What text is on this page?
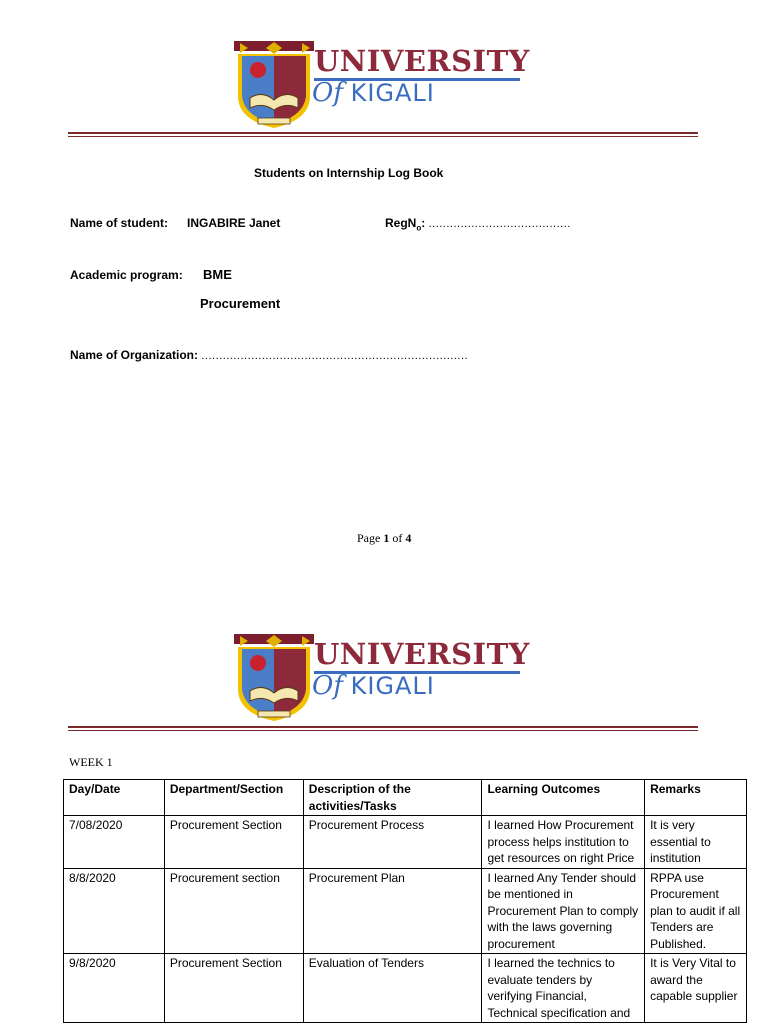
UNIVERSITY
Of KIGALI
Students on Internship Log Book
Name of student: INGABIRE Janet	RegN$_o$: ........................................
Academic program: BME
Procurement
Name of Organization: ...........................................................................
Page 1 of 4
UNIVERSITY
Of KIGALI
WEEK 1
Day/Date	Department/Section	Description of the activities/Tasks	Learning Outcomes	Remarks
7/08/2020	Procurement Section	Procurement Process	I learned How Procurement process helps institution to get resources on right Price	It is very essential to institution
8/8/2020	Procurement section	Procurement Plan	I learned Any Tender should be mentioned in Procurement Plan to comply with the laws governing procurement	RPPA use Procurement plan to audit if all Tenders are Published.
9/8/2020	Procurement Section	Evaluation of Tenders	I learned the technics to evaluate tenders by verifying Financial, Technical specification and	It is Very Vital to award the capable supplier
